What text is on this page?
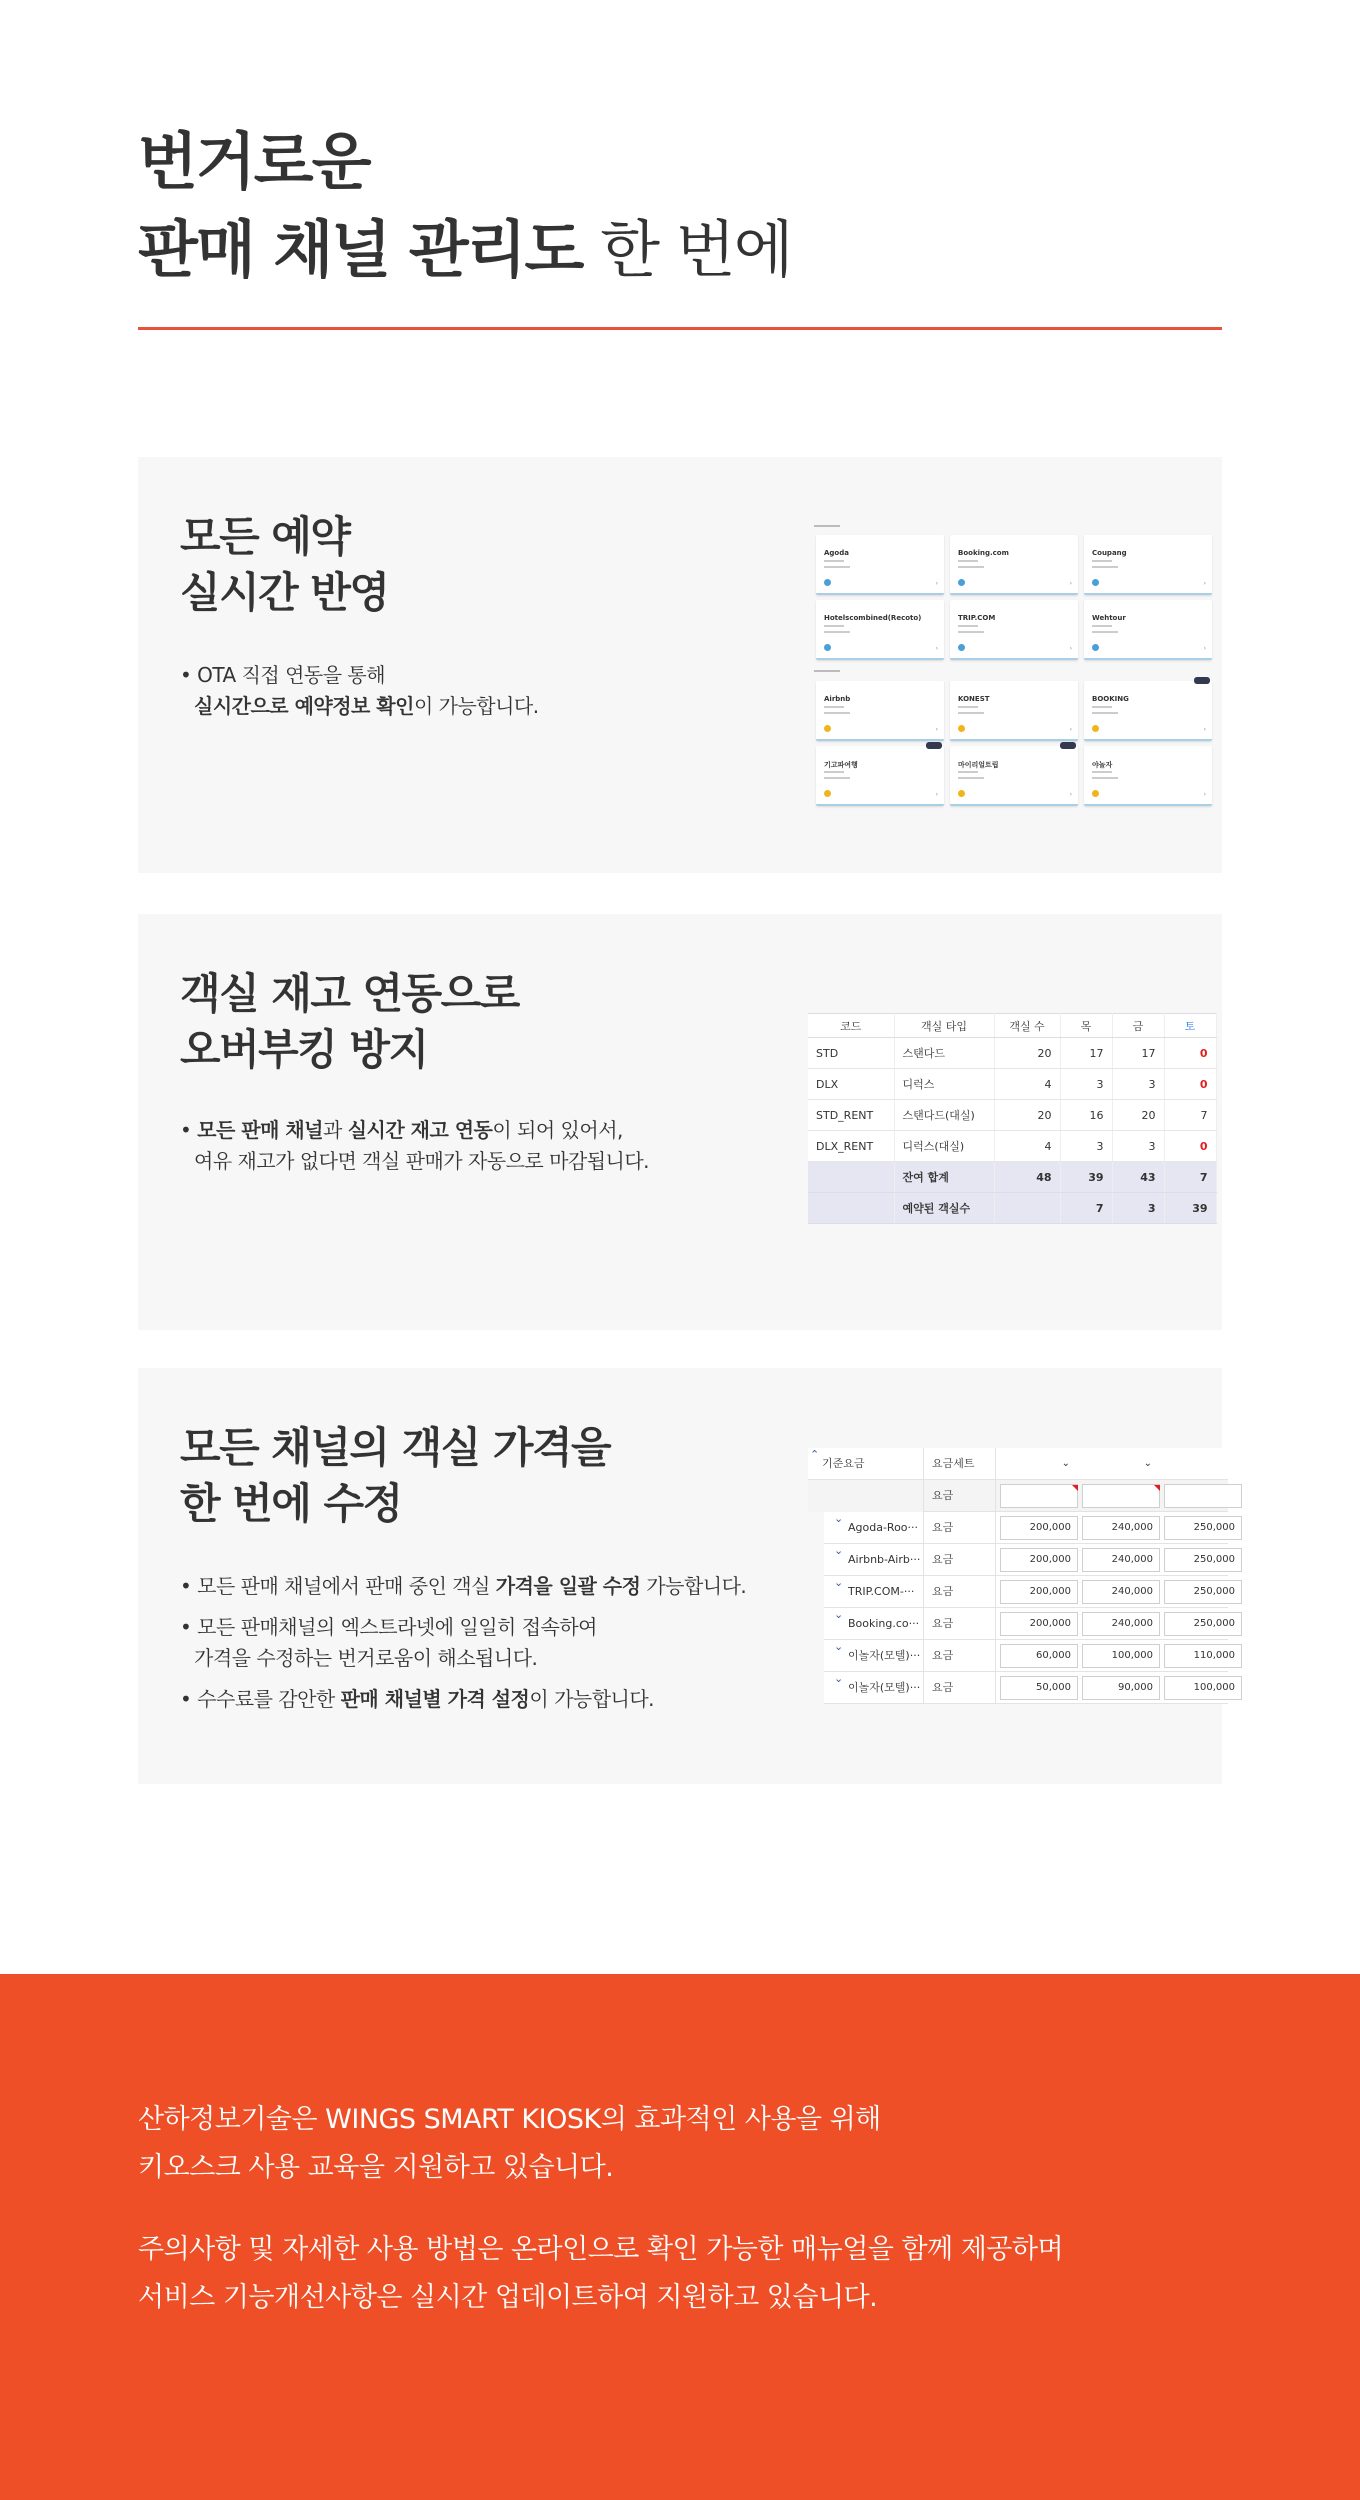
번거로운
판매 채널 관리도 한 번에
모든 예약
실시간 반영
• OTA 직접 연동을 통해
실시간으로 예약정보 확인이 가능합니다.
Agoda
›
Booking.com
›
Coupang
›
Hotelscombined(Recoto)
›
TRIP.COM
›
Wehtour
›
Airbnb
›
KONEST
›
BOOKING
›
기고파여행
›
마이리얼트립
›
야놀자
›
객실 재고 연동으로
오버부킹 방지
• 모든 판매 채널과 실시간 재고 연동이 되어 있어서,
여유 재고가 없다면 객실 판매가 자동으로 마감됩니다.
코드	객실 타입	객실 수	목	금	토
STD	스탠다드	20	17	17	0
DLX	디럭스	4	3	3	0
STD_RENT	스탠다드(대실)	20	16	20	7
DLX_RENT	디럭스(대실)	4	3	3	0
	잔여 합계	48	39	43	7
	예약된 객실수		7	3	39
모든 채널의 객실 가격을
한 번에 수정
• 모든 판매 채널에서 판매 중인 객실 가격을 일괄 수정 가능합니다.
• 모든 판매채널의 엑스트라넷에 일일히 접속하여
가격을 수정하는 번거로움이 해소됩니다.
• 수수료를 감안한 판매 채널별 가격 설정이 가능합니다.
⌃
기준요금	요금세트	⌄	⌄
요금
⌄
Agoda-Roo···	요금	200,000	240,000	250,000
⌄
Airbnb-Airb···	요금	200,000	240,000	250,000
⌄
TRIP.COM-···	요금	200,000	240,000	250,000
⌄
Booking.co···	요금	200,000	240,000	250,000
⌄
이놀자(모텔)···	요금	60,000	100,000	110,000
⌄
이놀자(모텔)···	요금	50,000	90,000	100,000

산하정보기술은 WINGS SMART KIOSK의 효과적인 사용을 위해
키오스크 사용 교육을 지원하고 있습니다.

주의사항 및 자세한 사용 방법은 온라인으로 확인 가능한 매뉴얼을 함께 제공하며
서비스 기능개선사항은 실시간 업데이트하여 지원하고 있습니다.
